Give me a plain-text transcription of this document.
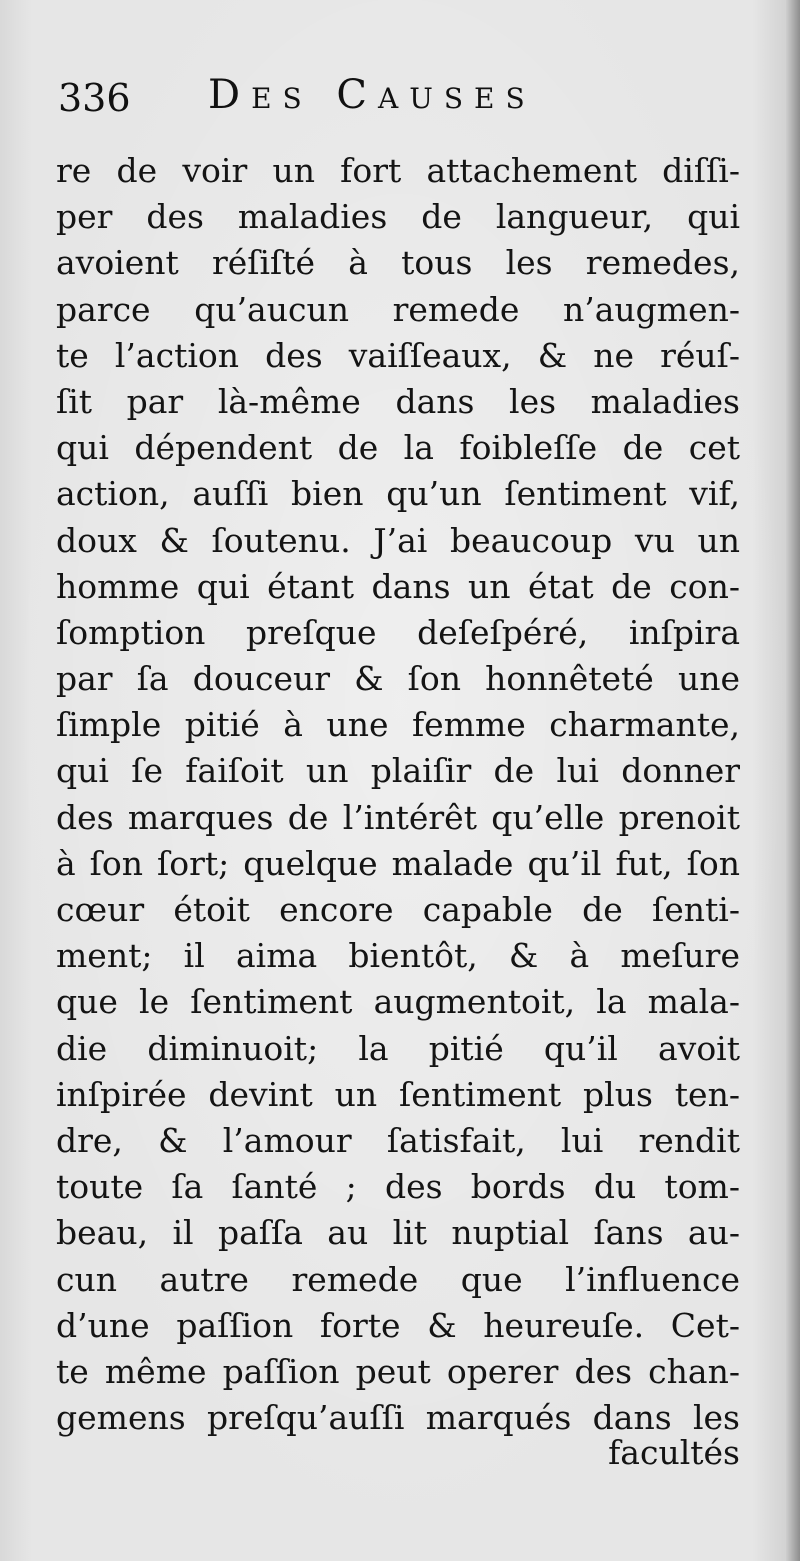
336 Des Causes
re de voir un fort attachement diſſi-
per des maladies de langueur, qui
avoient réſiſté à tous les remedes,
parce qu’aucun remede n’augmen-
te l’action des vaiſſeaux, & ne réuſ-
ſit par là-même dans les maladies
qui dépendent de la foibleſſe de cet
action, auſſi bien qu’un ſentiment vif,
doux & ſoutenu. J’ai beaucoup vu un
homme qui étant dans un état de con-
ſomption preſque deſeſpéré, inſpira
par ſa douceur & ſon honnêteté une
ſimple pitié à une femme charmante,
qui ſe faiſoit un plaiſir de lui donner
des marques de l’intérêt qu’elle prenoit
à ſon ſort; quelque malade qu’il fut, ſon
cœur étoit encore capable de ſenti-
ment; il aima bientôt, & à meſure
que le ſentiment augmentoit, la mala-
die diminuoit; la pitié qu’il avoit
inſpirée devint un ſentiment plus ten-
dre, & l’amour ſatisfait, lui rendit
toute ſa ſanté ; des bords du tom-
beau, il paſſa au lit nuptial ſans au-
cun autre remede que l’influence
d’une paſſion forte & heureuſe. Cet-
te même paſſion peut operer des chan-
gemens preſqu’auſſi marqués dans les
facultés
